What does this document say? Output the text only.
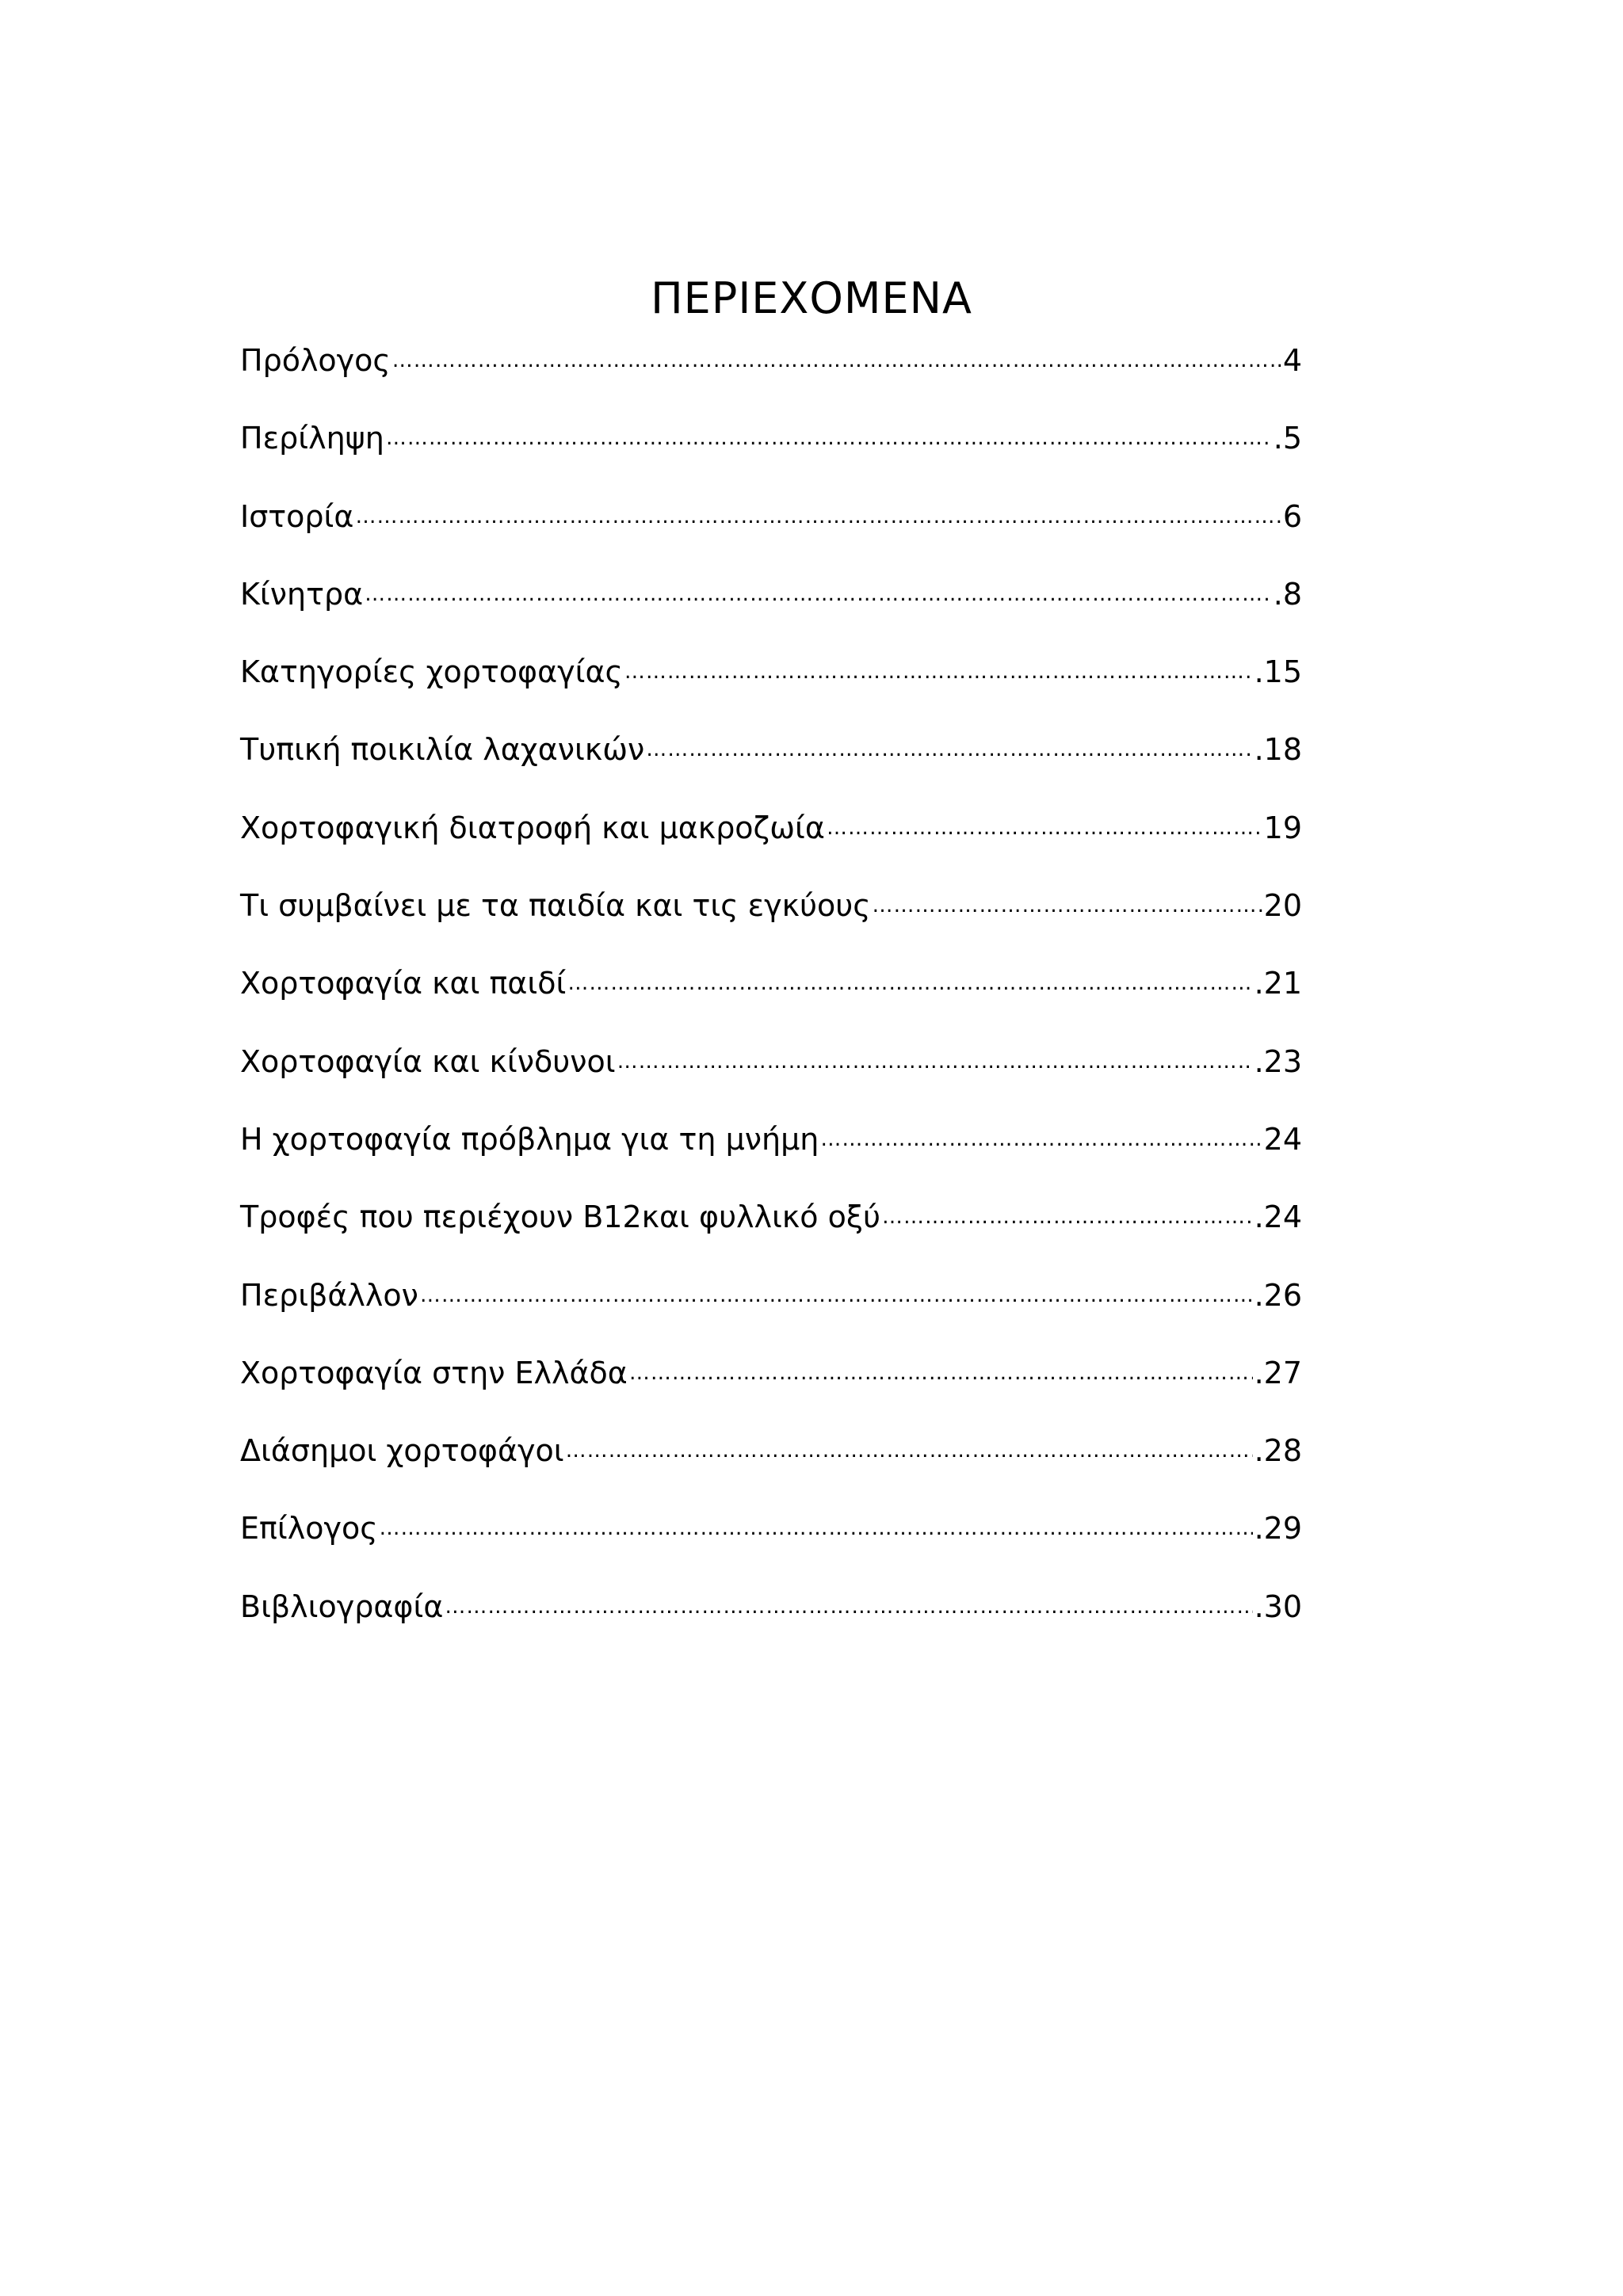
ΠΕΡΙΕΧΟΜΕΝΑ
Πρόλογος ……………………………………………………………………………………………………………………………………………………………………………………………………………………	4
Περίληψη ……………………………………………………………………………………………………………………………………………………………………………………………………………………	.5
Ιστορία ……………………………………………………………………………………………………………………………………………………………………………………………………………………	6
Κίνητρα ……………………………………………………………………………………………………………………………………………………………………………………………………………………	.8
Κατηγορίες χορτοφαγίας ……………………………………………………………………………………………………………………………………………………………………………………………………………………	.15
Τυπική ποικιλία λαχανικών ……………………………………………………………………………………………………………………………………………………………………………………………………………………	.18
Χορτοφαγική διατροφή και μακροζωία ……………………………………………………………………………………………………………………………………………………………………………………………………………………	19
Τι συμβαίνει με τα παιδία και τις εγκύους ……………………………………………………………………………………………………………………………………………………………………………………………………………………	20
Χορτοφαγία και παιδί ……………………………………………………………………………………………………………………………………………………………………………………………………………………	.21
Χορτοφαγία και κίνδυνοι ……………………………………………………………………………………………………………………………………………………………………………………………………………………	.23
Η χορτοφαγία πρόβλημα για τη μνήμη ……………………………………………………………………………………………………………………………………………………………………………………………………………………	24
Τροφές που περιέχουν Β12και φυλλικό οξύ ……………………………………………………………………………………………………………………………………………………………………………………………………………………	.24
Περιβάλλον ……………………………………………………………………………………………………………………………………………………………………………………………………………………	.26
Χορτοφαγία στην Ελλάδα ……………………………………………………………………………………………………………………………………………………………………………………………………………………	.27
Διάσημοι χορτοφάγοι ……………………………………………………………………………………………………………………………………………………………………………………………………………………	.28
Επίλογος ……………………………………………………………………………………………………………………………………………………………………………………………………………………	.29
Βιβλιογραφία ……………………………………………………………………………………………………………………………………………………………………………………………………………………	.30
